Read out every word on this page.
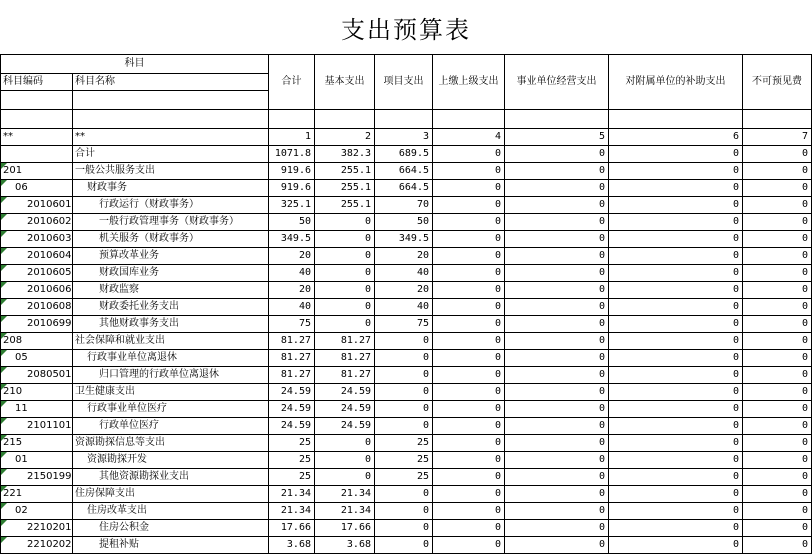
支出预算表
科目		合计	基本支出	项目支出	上缴上级支出	事业单位经营支出	对附属单位的补助支出	不可预见费
科目编码	科目名称							

**	**	1	2	3	4	5	6	7
	合计	1071.8	382.3	689.5	0	0	0	0

201	一般公共服务支出	919.6	255.1	664.5	0	0	0	0

06	财政事务	919.6	255.1	664.5	0	0	0	0

2010601	行政运行（财政事务）	325.1	255.1	70	0	0	0	0

2010602	一般行政管理事务（财政事务）	50	0	50	0	0	0	0

2010603	机关服务（财政事务）	349.5	0	349.5	0	0	0	0

2010604	预算改革业务	20	0	20	0	0	0	0

2010605	财政国库业务	40	0	40	0	0	0	0

2010606	财政监察	20	0	20	0	0	0	0

2010608	财政委托业务支出	40	0	40	0	0	0	0

2010699	其他财政事务支出	75	0	75	0	0	0	0

208	社会保障和就业支出	81.27	81.27	0	0	0	0	0

05	行政事业单位离退休	81.27	81.27	0	0	0	0	0

2080501	归口管理的行政单位离退休	81.27	81.27	0	0	0	0	0

210	卫生健康支出	24.59	24.59	0	0	0	0	0

11	行政事业单位医疗	24.59	24.59	0	0	0	0	0

2101101	行政单位医疗	24.59	24.59	0	0	0	0	0

215	资源勘探信息等支出	25	0	25	0	0	0	0

01	资源勘探开发	25	0	25	0	0	0	0

2150199	其他资源勘探业支出	25	0	25	0	0	0	0

221	住房保障支出	21.34	21.34	0	0	0	0	0

02	住房改革支出	21.34	21.34	0	0	0	0	0

2210201	住房公积金	17.66	17.66	0	0	0	0	0

2210202	提租补贴	3.68	3.68	0	0	0	0	0
